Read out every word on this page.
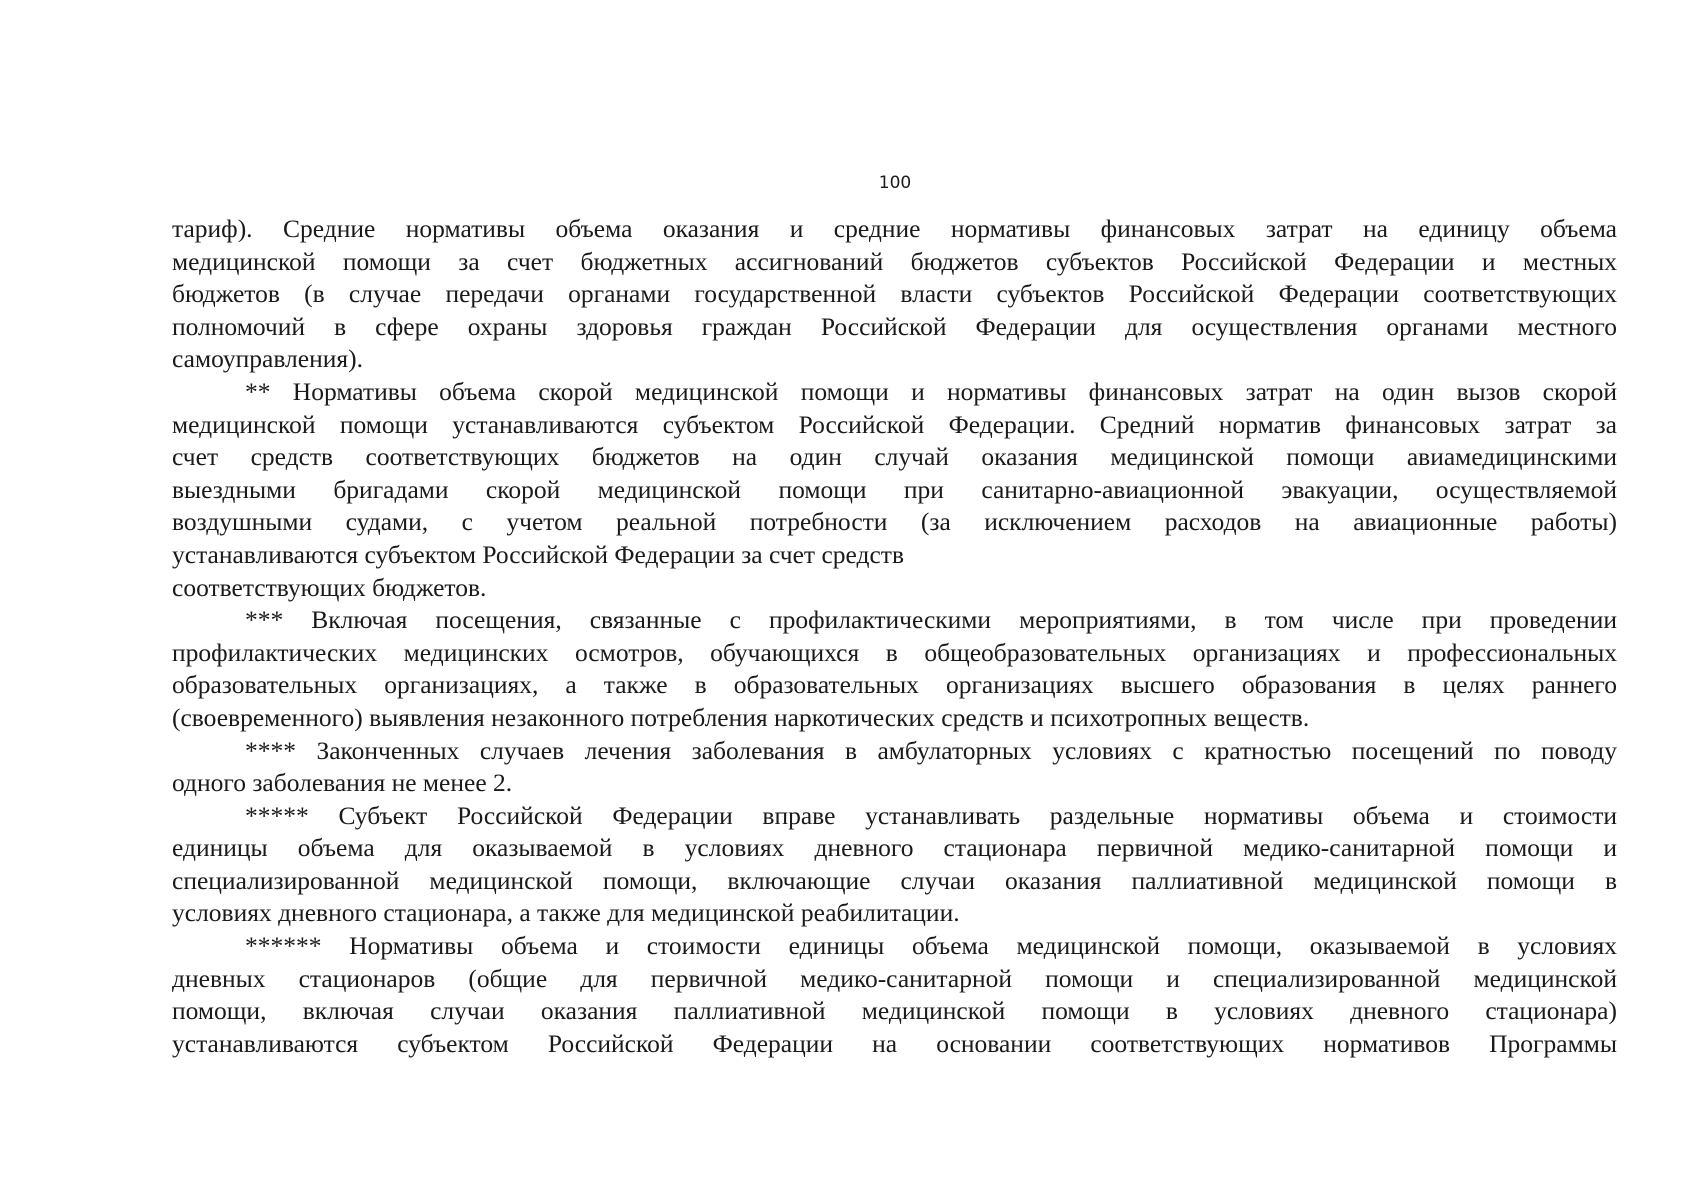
100

тариф). Средние нормативы объема оказания и средние нормативы финансовых затрат на единицу объема
медицинской помощи за счет бюджетных ассигнований бюджетов субъектов Российской Федерации и местных
бюджетов (в случае передачи органами государственной власти субъектов Российской Федерации соответствующих
полномочий в сфере охраны здоровья граждан Российской Федерации для осуществления органами местного
самоуправления).

** Нормативы объема скорой медицинской помощи и нормативы финансовых затрат на один вызов скорой
медицинской помощи устанавливаются субъектом Российской Федерации. Средний норматив финансовых затрат за
счет средств соответствующих бюджетов на один случай оказания медицинской помощи авиамедицинскими
выездными бригадами скорой медицинской помощи при санитарно-авиационной эвакуации, осуществляемой
воздушными судами, с учетом реальной потребности (за исключением расходов на авиационные работы)
устанавливаются субъектом Российской Федерации за счет средств
соответствующих бюджетов.

*** Включая посещения, связанные с профилактическими мероприятиями, в том числе при проведении
профилактических медицинских осмотров, обучающихся в общеобразовательных организациях и профессиональных
образовательных организациях, а также в образовательных организациях высшего образования в целях раннего
(своевременного) выявления незаконного потребления наркотических средств и психотропных веществ.

**** Законченных случаев лечения заболевания в амбулаторных условиях с кратностью посещений по поводу
одного заболевания не менее 2.

***** Субъект Российской Федерации вправе устанавливать раздельные нормативы объема и стоимости
единицы объема для оказываемой в условиях дневного стационара первичной медико-санитарной помощи и
специализированной медицинской помощи, включающие случаи оказания паллиативной медицинской помощи в
условиях дневного стационара, а также для медицинской реабилитации.

****** Нормативы объема и стоимости единицы объема медицинской помощи, оказываемой в условиях
дневных стационаров (общие для первичной медико-санитарной помощи и специализированной медицинской
помощи, включая случаи оказания паллиативной медицинской помощи в условиях дневного стационара)
устанавливаются субъектом Российской Федерации на основании соответствующих нормативов Программы
